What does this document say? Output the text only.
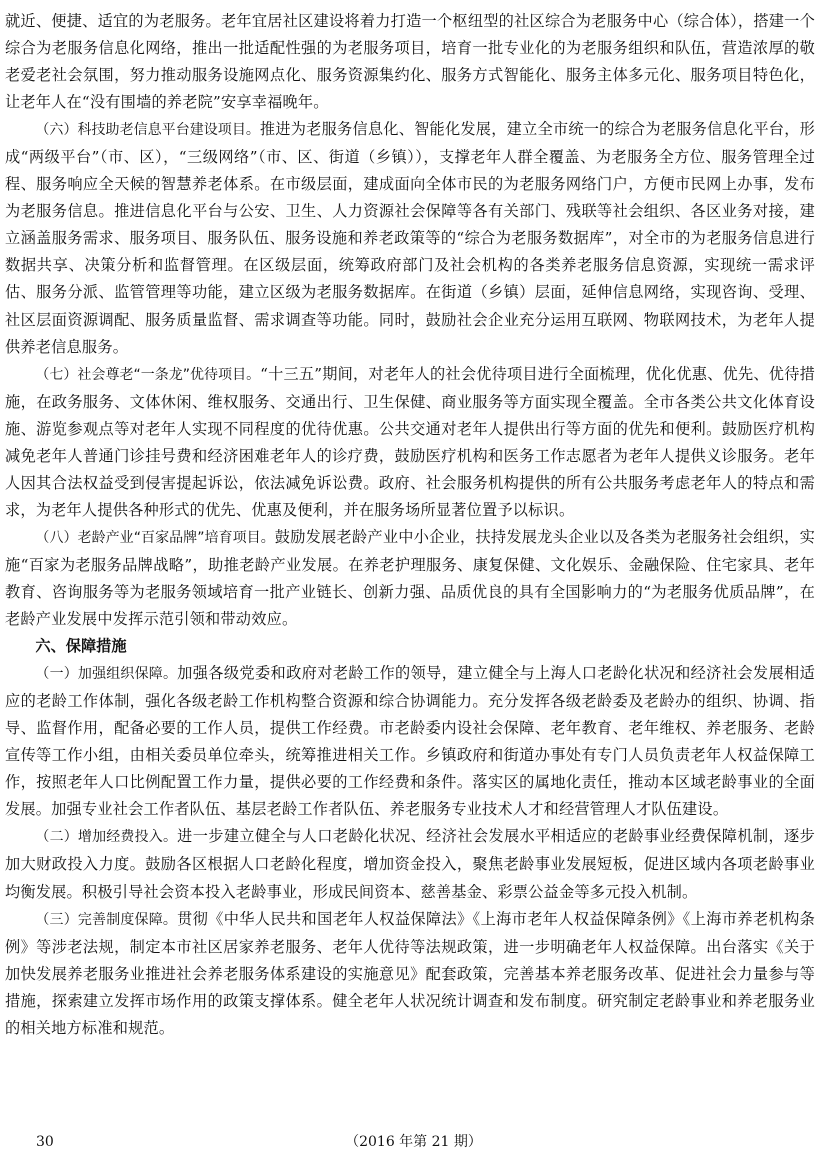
就近、便捷、适宜的为老服务。老年宜居社区建设将着力打造一个枢纽型的社区综合为老服务中心（综合体），搭建一个综合为老服务信息化网络，推出一批适配性强的为老服务项目，培育一批专业化的为老服务组织和队伍，营造浓厚的敬老爱老社会氛围，努力推动服务设施网点化、服务资源集约化、服务方式智能化、服务主体多元化、服务项目特色化，让老年人在“没有围墙的养老院”安享幸福晚年。

（六）科技助老信息平台建设项目。推进为老服务信息化、智能化发展，建立全市统一的综合为老服务信息化平台，形成“两级平台”（市、区），“三级网络”（市、区、街道（乡镇）），支撑老年人群全覆盖、为老服务全方位、服务管理全过程、服务响应全天候的智慧养老体系。在市级层面，建成面向全体市民的为老服务网络门户，方便市民网上办事，发布为老服务信息。推进信息化平台与公安、卫生、人力资源社会保障等各有关部门、残联等社会组织、各区业务对接，建立涵盖服务需求、服务项目、服务队伍、服务设施和养老政策等的“综合为老服务数据库”，对全市的为老服务信息进行数据共享、决策分析和监督管理。在区级层面，统筹政府部门及社会机构的各类养老服务信息资源，实现统一需求评估、服务分派、监管管理等功能，建立区级为老服务数据库。在街道（乡镇）层面，延伸信息网络，实现咨询、受理、社区层面资源调配、服务质量监督、需求调查等功能。同时，鼓励社会企业充分运用互联网、物联网技术，为老年人提供养老信息服务。

（七）社会尊老“一条龙”优待项目。“十三五”期间，对老年人的社会优待项目进行全面梳理，优化优惠、优先、优待措施，在政务服务、文体休闲、维权服务、交通出行、卫生保健、商业服务等方面实现全覆盖。全市各类公共文化体育设施、游览参观点等对老年人实现不同程度的优待优惠。公共交通对老年人提供出行等方面的优先和便利。鼓励医疗机构减免老年人普通门诊挂号费和经济困难老年人的诊疗费，鼓励医疗机构和医务工作志愿者为老年人提供义诊服务。老年人因其合法权益受到侵害提起诉讼，依法减免诉讼费。政府、社会服务机构提供的所有公共服务考虑老年人的特点和需求，为老年人提供各种形式的优先、优惠及便利，并在服务场所显著位置予以标识。

（八）老龄产业“百家品牌”培育项目。鼓励发展老龄产业中小企业，扶持发展龙头企业以及各类为老服务社会组织，实施“百家为老服务品牌战略”，助推老龄产业发展。在养老护理服务、康复保健、文化娱乐、金融保险、住宅家具、老年教育、咨询服务等为老服务领域培育一批产业链长、创新力强、品质优良的具有全国影响力的“为老服务优质品牌”，在老龄产业发展中发挥示范引领和带动效应。

六、保障措施

（一）加强组织保障。加强各级党委和政府对老龄工作的领导，建立健全与上海人口老龄化状况和经济社会发展相适应的老龄工作体制，强化各级老龄工作机构整合资源和综合协调能力。充分发挥各级老龄委及老龄办的组织、协调、指导、监督作用，配备必要的工作人员，提供工作经费。市老龄委内设社会保障、老年教育、老年维权、养老服务、老龄宣传等工作小组，由相关委员单位牵头，统筹推进相关工作。乡镇政府和街道办事处有专门人员负责老年人权益保障工作，按照老年人口比例配置工作力量，提供必要的工作经费和条件。落实区的属地化责任，推动本区域老龄事业的全面发展。加强专业社会工作者队伍、基层老龄工作者队伍、养老服务专业技术人才和经营管理人才队伍建设。

（二）增加经费投入。进一步建立健全与人口老龄化状况、经济社会发展水平相适应的老龄事业经费保障机制，逐步加大财政投入力度。鼓励各区根据人口老龄化程度，增加资金投入，聚焦老龄事业发展短板，促进区域内各项老龄事业均衡发展。积极引导社会资本投入老龄事业，形成民间资本、慈善基金、彩票公益金等多元投入机制。

（三）完善制度保障。贯彻《中华人民共和国老年人权益保障法》《上海市老年人权益保障条例》《上海市养老机构条例》等涉老法规，制定本市社区居家养老服务、老年人优待等法规政策，进一步明确老年人权益保障。出台落实《关于加快发展养老服务业推进社会养老服务体系建设的实施意见》配套政策，完善基本养老服务改革、促进社会力量参与等措施，探索建立发挥市场作用的政策支撑体系。健全老年人状况统计调查和发布制度。研究制定老龄事业和养老服务业的相关地方标准和规范。

30	（2016 年第 21 期）
